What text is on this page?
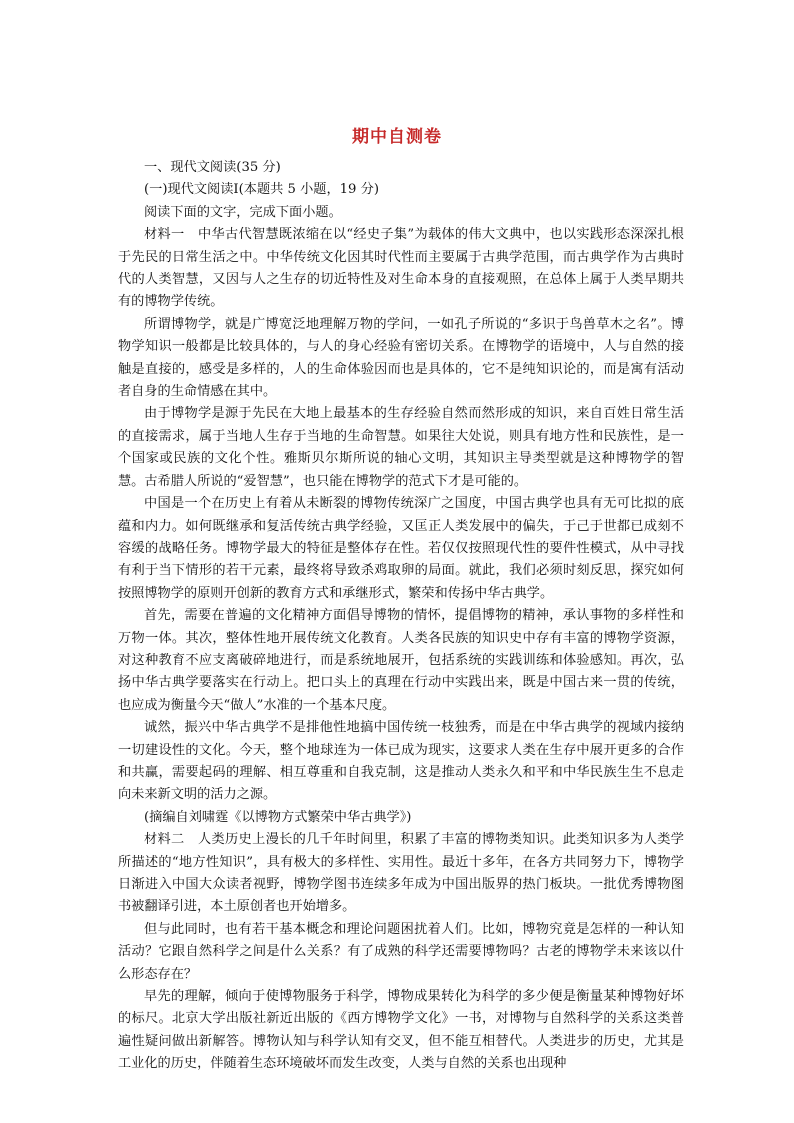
期中自测卷

一、现代文阅读(35 分)

(一)现代文阅读Ⅰ(本题共 5 小题，19 分)

阅读下面的文字，完成下面小题。

材料一　中华古代智慧既浓缩在以“经史子集”为载体的伟大文典中，也以实践形态深深扎根于先民的日常生活之中。中华传统文化因其时代性而主要属于古典学范围，而古典学作为古典时代的人类智慧，又因与人之生存的切近特性及对生命本身的直接观照，在总体上属于人类早期共有的博物学传统。

所谓博物学，就是广博宽泛地理解万物的学问，一如孔子所说的“多识于鸟兽草木之名”。博物学知识一般都是比较具体的，与人的身心经验有密切关系。在博物学的语境中，人与自然的接触是直接的，感受是多样的，人的生命体验因而也是具体的，它不是纯知识论的，而是寓有活动者自身的生命情感在其中。

由于博物学是源于先民在大地上最基本的生存经验自然而然形成的知识，来自百姓日常生活的直接需求，属于当地人生存于当地的生命智慧。如果往大处说，则具有地方性和民族性，是一个国家或民族的文化个性。雅斯贝尔斯所说的轴心文明，其知识主导类型就是这种博物学的智慧。古希腊人所说的“爱智慧”，也只能在博物学的范式下才是可能的。

中国是一个在历史上有着从未断裂的博物传统深广之国度，中国古典学也具有无可比拟的底蕴和内力。如何既继承和复活传统古典学经验，又匡正人类发展中的偏失，于己于世都已成刻不容缓的战略任务。博物学最大的特征是整体存在性。若仅仅按照现代性的要件性模式，从中寻找有利于当下情形的若干元素，最终将导致杀鸡取卵的局面。就此，我们必须时刻反思，探究如何按照博物学的原则开创新的教育方式和承继形式，繁荣和传扬中华古典学。

首先，需要在普遍的文化精神方面倡导博物的情怀，提倡博物的精神，承认事物的多样性和万物一体。其次，整体性地开展传统文化教育。人类各民族的知识史中存有丰富的博物学资源，对这种教育不应支离破碎地进行，而是系统地展开，包括系统的实践训练和体验感知。再次，弘扬中华古典学要落实在行动上。把口头上的真理在行动中实践出来，既是中国古来一贯的传统，也应成为衡量今天“做人”水准的一个基本尺度。

诚然，振兴中华古典学不是排他性地搞中国传统一枝独秀，而是在中华古典学的视域内接纳一切建设性的文化。今天，整个地球连为一体已成为现实，这要求人类在生存中展开更多的合作和共赢，需要起码的理解、相互尊重和自我克制，这是推动人类永久和平和中华民族生生不息走向未来新文明的活力之源。

(摘编自刘啸霆《以博物方式繁荣中华古典学》)

材料二　人类历史上漫长的几千年时间里，积累了丰富的博物类知识。此类知识多为人类学所描述的“地方性知识”，具有极大的多样性、实用性。最近十多年，在各方共同努力下，博物学日渐进入中国大众读者视野，博物学图书连续多年成为中国出版界的热门板块。一批优秀博物图书被翻译引进，本土原创者也开始增多。

但与此同时，也有若干基本概念和理论问题困扰着人们。比如，博物究竟是怎样的一种认知活动？它跟自然科学之间是什么关系？有了成熟的科学还需要博物吗？古老的博物学未来该以什么形态存在？

早先的理解，倾向于使博物服务于科学，博物成果转化为科学的多少便是衡量某种博物好坏的标尺。北京大学出版社新近出版的《西方博物学文化》一书，对博物与自然科学的关系这类普遍性疑问做出新解答。博物认知与科学认知有交叉，但不能互相替代。人类进步的历史，尤其是工业化的历史，伴随着生态环境破坏而发生改变，人类与自然的关系也出现种
